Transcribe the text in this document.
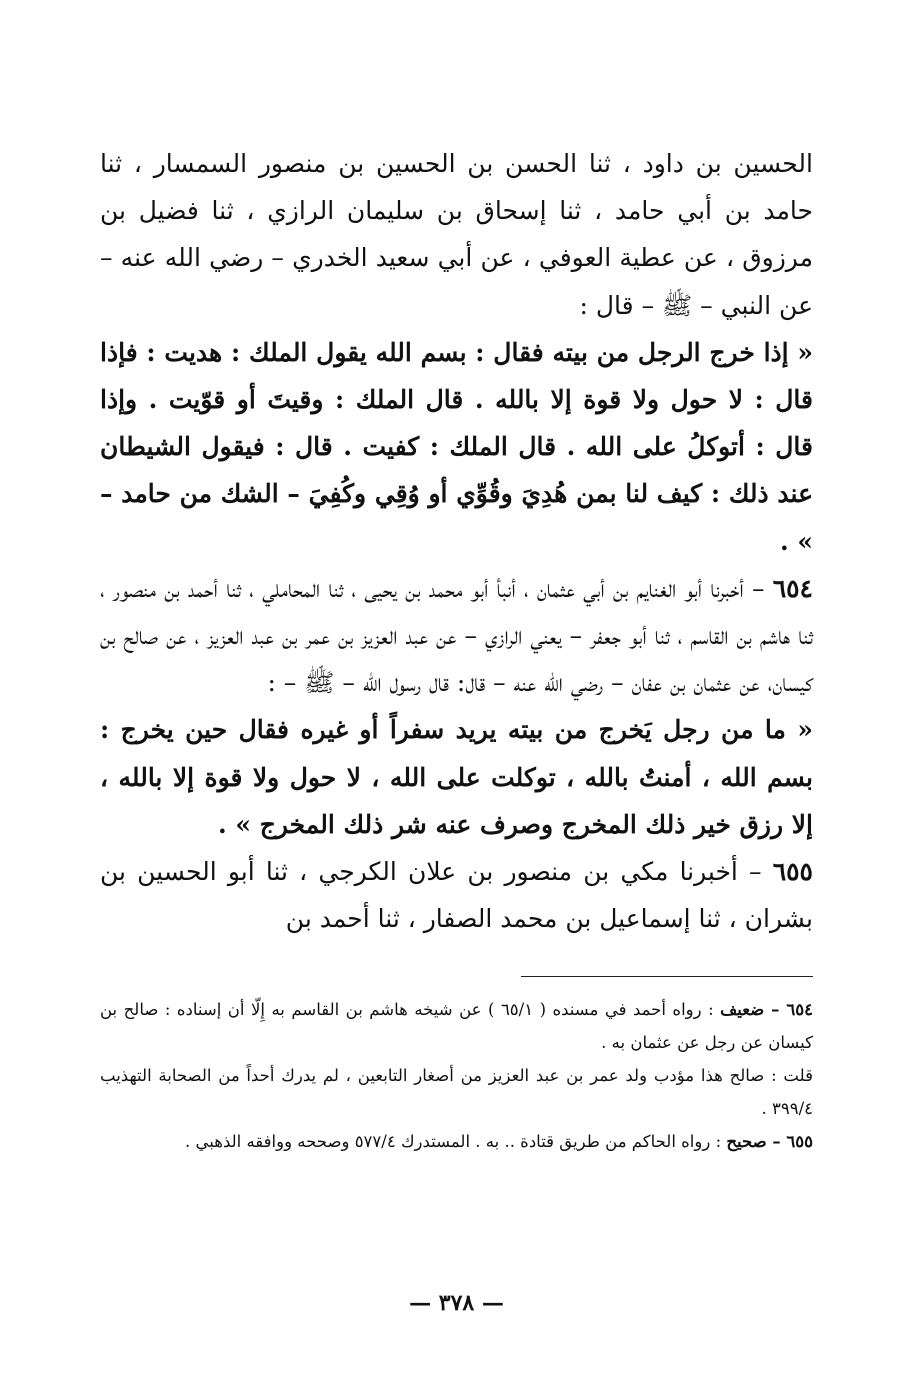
الحسين بن داود ، ثنا الحسن بن الحسين بن منصور السمسار ، ثنا حامد بن أبي حامد ، ثنا إسحاق بن سليمان الرازي ، ثنا فضيل بن مرزوق ، عن عطية العوفي ، عن أبي سعيد الخدري – رضي الله عنه – عن النبي – ﷺ – قال :

« إذا خرج الرجل من بيته فقال : بسم الله يقول الملك : هديت : فإذا قال : لا حول ولا قوة إلا بالله . قال الملك : وقيتَ أو قوّيت . وإذا قال : أتوكلُ على الله . قال الملك : كفيت . قال : فيقول الشيطان عند ذلك : كيف لنا بمن هُدِيَ وقُوِّي أو وُقِي وكُفِيَ – الشك من حامد – » .

٦٥٤ – أخبرنا أبو الغنايم بن أبي عثمان ، أنبأ أبو محمد بن يحيى ، ثنا المحاملي ، ثنا أحمد بن منصور ، ثنا هاشم بن القاسم ، ثنا أبو جعفر – يعني الرازي – عن عبد العزيز بن عمر بن عبد العزيز ، عن صالح بن كيسان، عن عثمان بن عفان – رضي الله عنه – قال: قال رسول الله – ﷺ – :

« ما من رجل يَخرج من بيته يريد سفراً أو غيره فقال حين يخرج : بسم الله ، أمنتُ بالله ، توكلت على الله ، لا حول ولا قوة إلا بالله ، إلا رزق خير ذلك المخرج وصرف عنه شر ذلك المخرج » .

٦٥٥ – أخبرنا مكي بن منصور بن علان الكرجي ، ثنا أبو الحسين بن بشران ، ثنا إسماعيل بن محمد الصفار ، ثنا أحمد بن

٦٥٤ – ضعيف : رواه أحمد في مسنده ( ٦٥/١ ) عن شيخه هاشم بن القاسم به إِلّا أن إسناده : صالح بن كيسان عن رجل عن عثمان به .

قلت : صالح هذا مؤدب ولد عمر بن عبد العزيز من أصغار التابعين ، لم يدرك أحداً من الصحابة التهذيب ٣٩٩/٤ .

٦٥٥ – صحيح : رواه الحاكم من طريق قتادة .. به . المستدرك ٥٧٧/٤ وصححه ووافقه الذهبي .

— ٣٧٨ —
